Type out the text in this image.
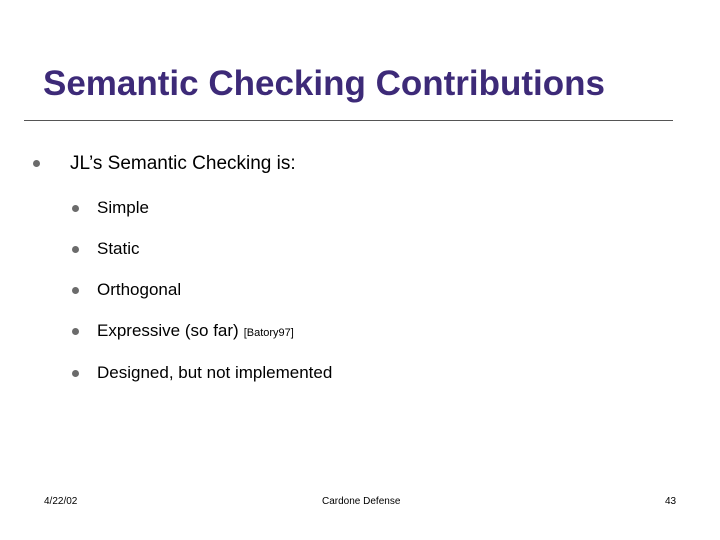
Semantic Checking Contributions
JL’s Semantic Checking is:
Simple
Static
Orthogonal
Expressive (so far) [Batory97]
Designed, but not implemented
4/22/02	Cardone Defense	43
